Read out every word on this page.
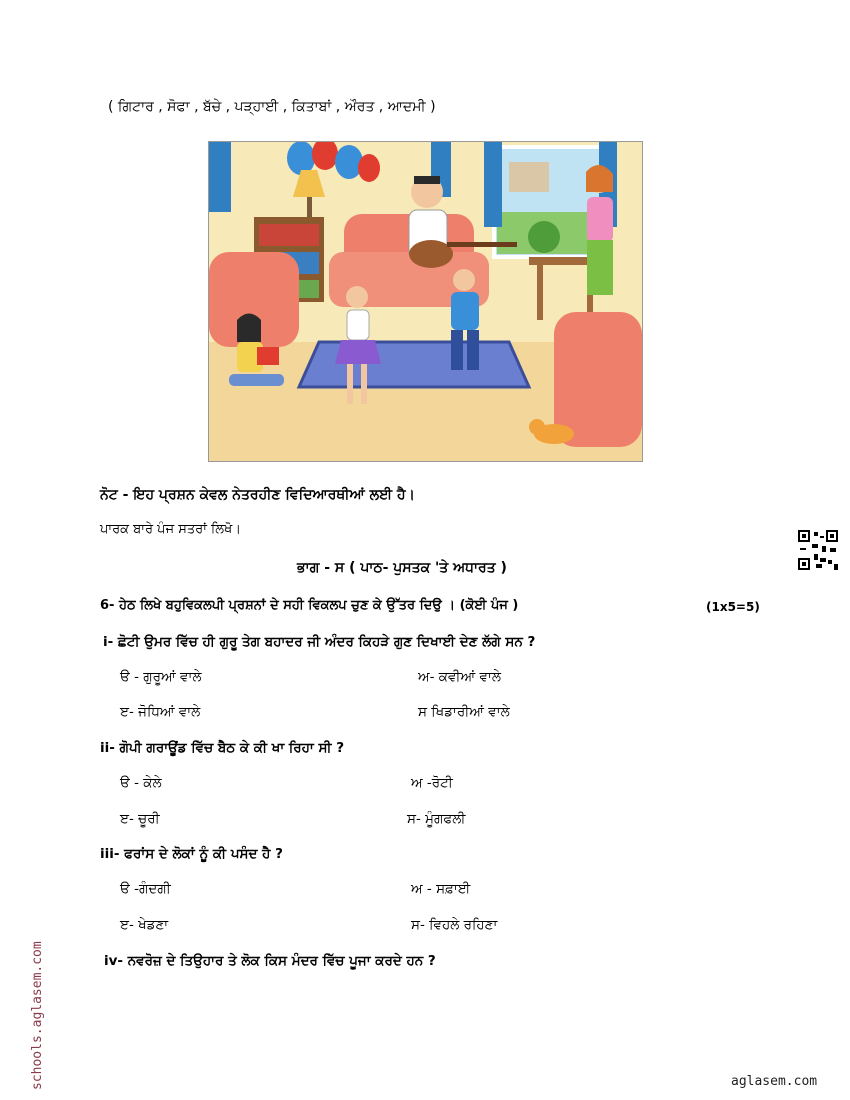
( ਗਿਟਾਰ , ਸੋਫਾ , ਬੱਚੇ , ਪੜ੍ਹਾਈ , ਕਿਤਾਬਾਂ , ਔਰਤ , ਆਦਮੀ )
ਨੋਟ - ਇਹ ਪ੍ਰਸ਼ਨ ਕੇਵਲ ਨੇਤਰਹੀਣ ਵਿਦਿਆਰਥੀਆਂ ਲਈ ਹੈ।
ਪਾਰਕ ਬਾਰੇ ਪੰਜ ਸਤਰਾਂ ਲਿਖੋ।
ਭਾਗ - ਸ ( ਪਾਠ- ਪੁਸਤਕ 'ਤੇ ਅਧਾਰਤ )
6- ਹੇਠ ਲਿਖੇ ਬਹੁਵਿਕਲਪੀ ਪ੍ਰਸ਼ਨਾਂ ਦੇ ਸਹੀ ਵਿਕਲਪ ਚੁਣ ਕੇ ਉੱਤਰ ਦਿਉ । (ਕੋਈ ਪੰਜ )	(1x5=5)
i- ਛੋਟੀ ਉਮਰ ਵਿੱਚ ਹੀ ਗੁਰੂ ਤੇਗ ਬਹਾਦਰ ਜੀ ਅੰਦਰ ਕਿਹੜੇ ਗੁਣ ਦਿਖਾਈ ਦੇਣ ਲੱਗੇ ਸਨ ?
ੳ - ਗੁਰੂਆਂ ਵਾਲੇ	ਅ- ਕਵੀਆਂ ਵਾਲੇ
ੲ- ਜੋਧਿਆਂ ਵਾਲੇ	ਸ ਖਿਡਾਰੀਆਂ ਵਾਲੇ
ii- ਗੋਪੀ ਗਰਾਊਂਡ ਵਿੱਚ ਬੈਠ ਕੇ ਕੀ ਖਾ ਰਿਹਾ ਸੀ ?
ੳ - ਕੇਲੇ	ਅ -ਰੋਟੀ
ੲ- ਚੂਰੀ	ਸ- ਮੂੰਗਫਲੀ
iii- ਫਰਾਂਸ ਦੇ ਲੋਕਾਂ ਨੂੰ ਕੀ ਪਸੰਦ ਹੈ ?
ੳ -ਗੰਦਗੀ	ਅ - ਸਫ਼ਾਈ
ੲ- ਖੇਡਣਾ	ਸ- ਵਿਹਲੇ ਰਹਿਣਾ
iv- ਨਵਰੋਜ਼ ਦੇ ਤਿਉਹਾਰ ਤੇ ਲੋਕ ਕਿਸ ਮੰਦਰ ਵਿੱਚ ਪੂਜਾ ਕਰਦੇ ਹਨ ?
schools.aglasem.com	aglasem.com
